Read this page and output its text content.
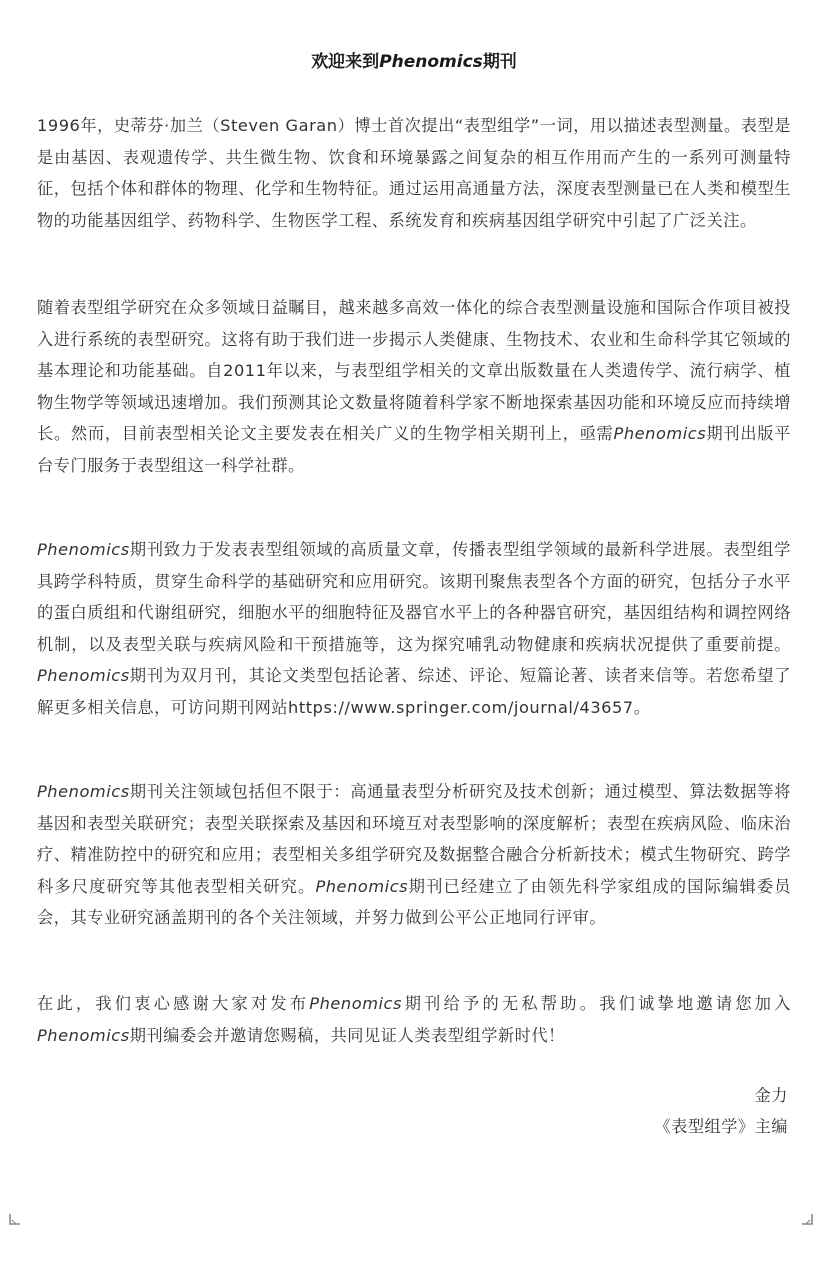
欢迎来到Phenomics期刊

1996年，史蒂芬·加兰（Steven Garan）博士首次提出“表型组学”一词，用以描述表型测量。表型是是由基因、表观遗传学、共生微生物、饮食和环境暴露之间复杂的相互作用而产生的一系列可测量特征，包括个体和群体的物理、化学和生物特征。通过运用高通量方法，深度表型测量已在人类和模型生物的功能基因组学、药物科学、生物医学工程、系统发育和疾病基因组学研究中引起了广泛关注。

随着表型组学研究在众多领域日益瞩目，越来越多高效一体化的综合表型测量设施和国际合作项目被投入进行系统的表型研究。这将有助于我们进一步揭示人类健康、生物技术、农业和生命科学其它领域的基本理论和功能基础。自2011年以来，与表型组学相关的文章出版数量在人类遗传学、流行病学、植物生物学等领域迅速增加。我们预测其论文数量将随着科学家不断地探索基因功能和环境反应而持续增长。然而，目前表型相关论文主要发表在相关广义的生物学相关期刊上，亟需Phenomics期刊出版平台专门服务于表型组这一科学社群。

Phenomics期刊致力于发表表型组领域的高质量文章，传播表型组学领域的最新科学进展。表型组学具跨学科特质，贯穿生命科学的基础研究和应用研究。该期刊聚焦表型各个方面的研究，包括分子水平的蛋白质组和代谢组研究，细胞水平的细胞特征及器官水平上的各种器官研究，基因组结构和调控网络机制，以及表型关联与疾病风险和干预措施等，这为探究哺乳动物健康和疾病状况提供了重要前提。Phenomics期刊为双月刊，其论文类型包括论著、综述、评论、短篇论著、读者来信等。若您希望了解更多相关信息，可访问期刊网站https://www.springer.com/journal/43657。

Phenomics期刊关注领域包括但不限于：高通量表型分析研究及技术创新；通过模型、算法数据等将基因和表型关联研究；表型关联探索及基因和环境互对表型影响的深度解析；表型在疾病风险、临床治疗、精准防控中的研究和应用；表型相关多组学研究及数据整合融合分析新技术；模式生物研究、跨学科多尺度研究等其他表型相关研究。Phenomics期刊已经建立了由领先科学家组成的国际编辑委员会，其专业研究涵盖期刊的各个关注领域，并努力做到公平公正地同行评审。

在此，我们衷心感谢大家对发布Phenomics期刊给予的无私帮助。我们诚挚地邀请您加入Phenomics期刊编委会并邀请您赐稿，共同见证人类表型组学新时代！

金力
《表型组学》主编
